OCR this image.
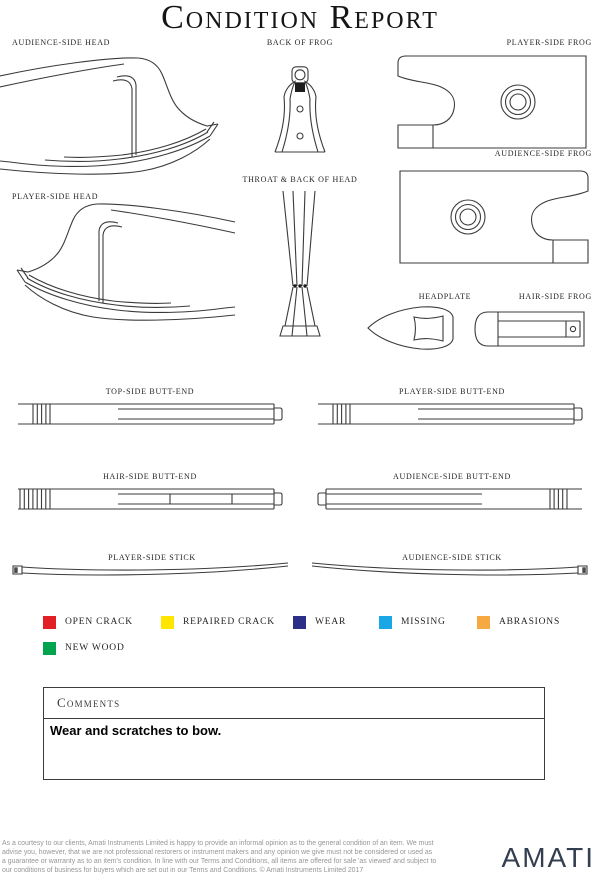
Condition Report
AUDIENCE-SIDE HEAD	BACK OF FROG	PLAYER-SIDE FROG
AUDIENCE-SIDE FROG
THROAT & BACK OF HEAD
PLAYER-SIDE HEAD
HEADPLATE	HAIR-SIDE FROG
TOP-SIDE BUTT-END	PLAYER-SIDE BUTT-END
HAIR-SIDE BUTT-END	AUDIENCE-SIDE BUTT-END
PLAYER-SIDE STICK	AUDIENCE-SIDE STICK
OPEN CRACK	REPAIRED CRACK	WEAR	MISSING	ABRASIONS
NEW WOOD
Comments
Wear and scratches to bow.
As a courtesy to our clients, Amati Instruments Limited is happy to provide an informal opinion as to the general condition of an item. We must
advise you, however, that we are not professional restorers or instrument makers and any opinion we give must not be considered or used as
a guarantee or warranty as to an item's condition. In line with our Terms and Conditions, all items are offered for sale 'as viewed' and subject to
our conditions of business for buyers which are set out in our Terms and Conditions. © Amati Instruments Limited 2017	AMATI
